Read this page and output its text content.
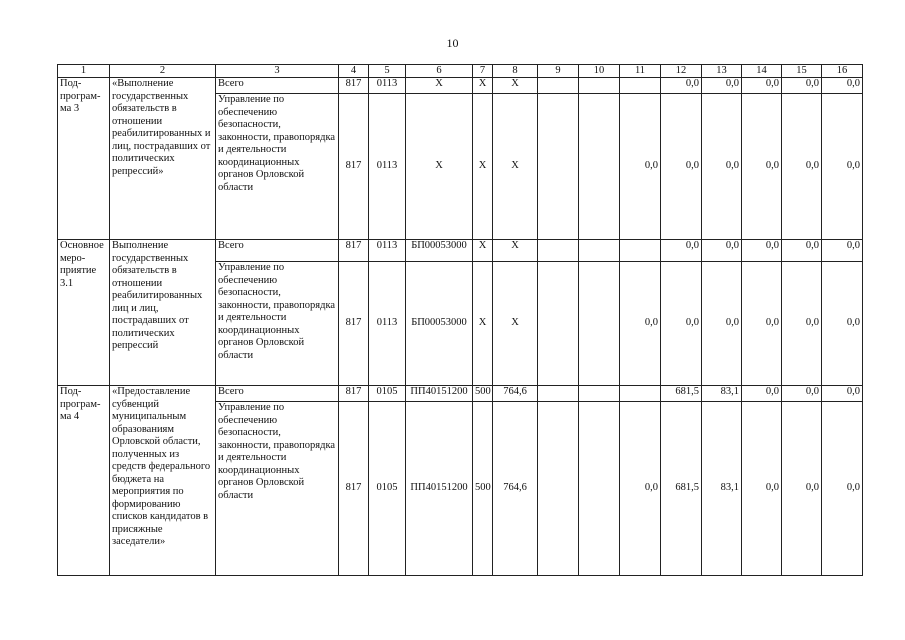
10
1	2	3	4	5	6	7	8	9	10	11	12	13	14	15	16
Под-програм-ма 3	«Выполнение государственных обязательств в отношении реабилитированных и лиц, пострадавших от политических репрессий»	Всего	817	0113	Х	Х	Х				0,0	0,0	0,0	0,0	0,0
		Управление по обеспечению безопасности, законности, правопорядка и деятельности координационных органов Орловской области	817	0113	Х	Х	Х			0,0	0,0	0,0	0,0	0,0	0,0
Основное меро-приятие 3.1	Выполнение государственных обязательств в отношении реабилитированных лиц и лиц, пострадавших от политических репрессий	Всего	817	0113	БП00053000	Х	Х				0,0	0,0	0,0	0,0	0,0
		Управление по обеспечению безопасности, законности, правопорядка и деятельности координационных органов Орловской области	817	0113	БП00053000	Х	Х			0,0	0,0	0,0	0,0	0,0	0,0
Под-програм-ма 4	«Предоставление субвенций муниципальным образованиям Орловской области, полученных из средств федерального бюджета на мероприятия по формированию списков кандидатов в присяжные заседатели»	Всего	817	0105	ПП40151200	500	764,6				681,5	83,1	0,0	0,0	0,0
		Управление по обеспечению безопасности, законности, правопорядка и деятельности координационных органов Орловской области	817	0105	ПП40151200	500	764,6			0,0	681,5	83,1	0,0	0,0	0,0
